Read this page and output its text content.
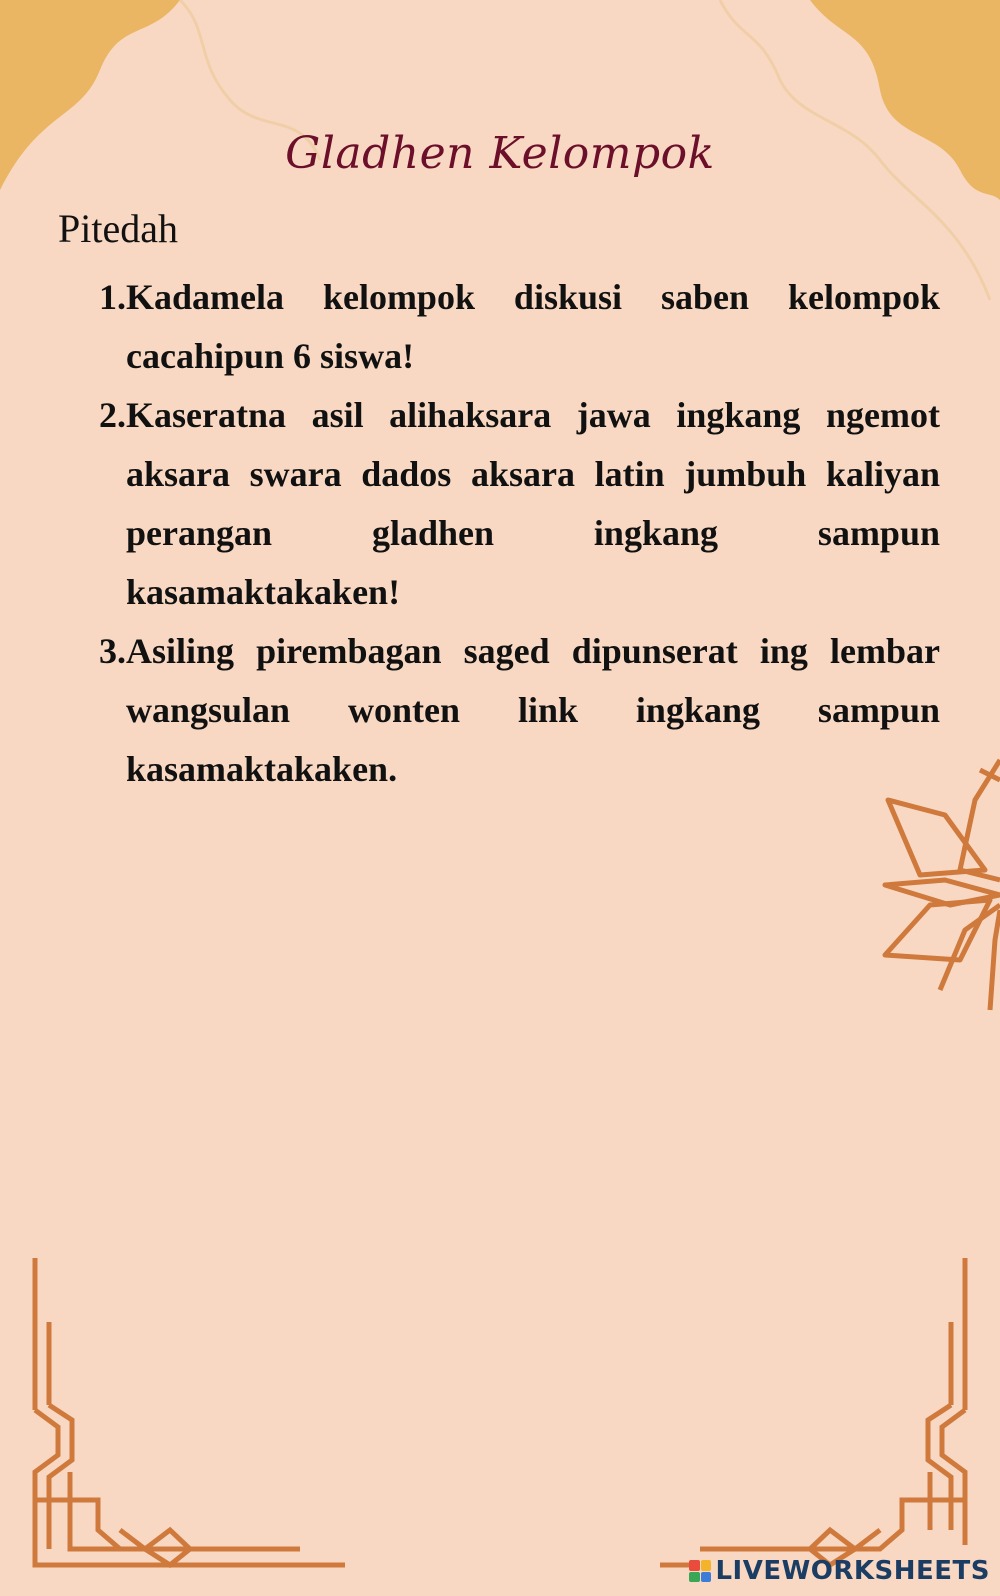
Gladhen Kelompok
Pitedah
1. Kadamela kelompok diskusi saben kelompok cacahipun 6 siswa!
2. Kaseratna asil alihaksara jawa ingkang ngemot aksara swara dados aksara latin jumbuh kaliyan perangan gladhen ingkang sampun kasamaktakaken!
3. Asiling pirembagan saged dipunserat ing lembar wangsulan wonten link ingkang sampun kasamaktakaken.
LIVEWORKSHEETS
